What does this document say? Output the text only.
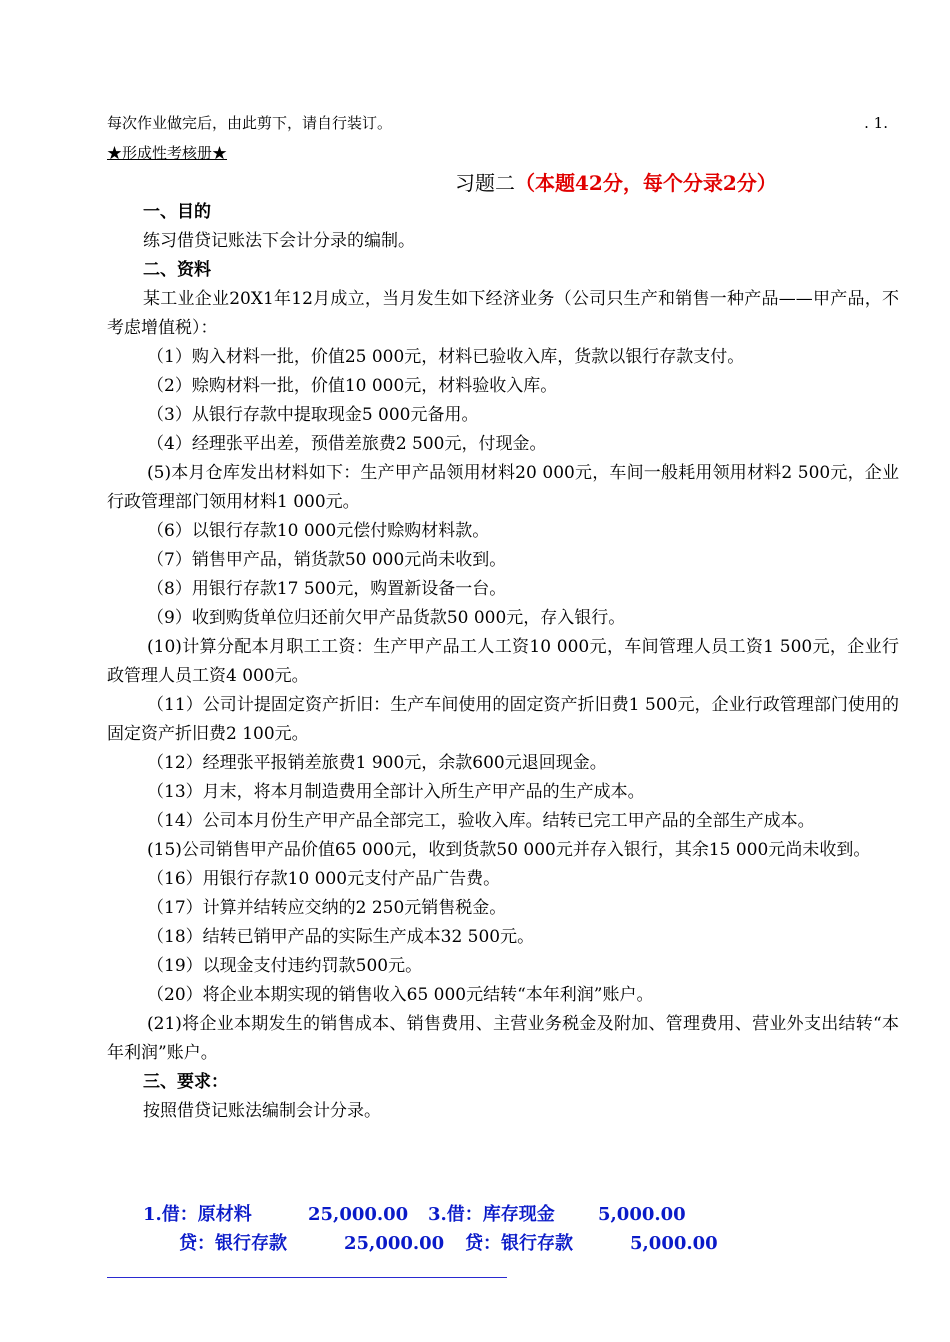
每次作业做完后，由此剪下，请自行装订。	. 1.
★形成性考核册★
习题二（本题42分，每个分录2分）

一、目的

练习借贷记账法下会计分录的编制。

二、资料

某工业企业20X1年12月成立，当月发生如下经济业务（公司只生产和销售一种产品——甲产品，不考虑增值税）：

（1）购入材料一批，价值25 000元，材料已验收入库，货款以银行存款支付。

（2）赊购材料一批，价值10 000元，材料验收入库。

（3）从银行存款中提取现金5 000元备用。

（4）经理张平出差，预借差旅费2 500元，付现金。

(5)本月仓库发出材料如下：生产甲产品领用材料20 000元，车间一般耗用领用材料2 500元，企业行政管理部门领用材料1 000元。

（6）以银行存款10 000元偿付赊购材料款。

（7）销售甲产品，销货款50 000元尚未收到。

（8）用银行存款17 500元，购置新设备一台。

（9）收到购货单位归还前欠甲产品货款50 000元，存入银行。

(10)计算分配本月职工工资：生产甲产品工人工资10 000元，车间管理人员工资1 500元，企业行政管理人员工资4 000元。

（11）公司计提固定资产折旧：生产车间使用的固定资产折旧费1 500元，企业行政管理部门使用的固定资产折旧费2 100元。

（12）经理张平报销差旅费1 900元，余款600元退回现金。

（13）月末，将本月制造费用全部计入所生产甲产品的生产成本。

（14）公司本月份生产甲产品全部完工，验收入库。结转已完工甲产品的全部生产成本。

(15)公司销售甲产品价值65 000元，收到货款50 000元并存入银行，其余15 000元尚未收到。

（16）用银行存款10 000元支付产品广告费。

（17）计算并结转应交纳的2 250元销售税金。

（18）结转已销甲产品的实际生产成本32 500元。

（19）以现金支付违约罚款500元。

（20）将企业本期实现的销售收入65 000元结转“本年利润”账户。

(21)将企业本期发生的销售成本、销售费用、主营业务税金及附加、管理费用、营业外支出结转“本年利润”账户。

三、要求：

按照借贷记账法编制会计分录。

1.借：原材料	25,000.00 3.借：库存现金 5,000.00
贷：银行存款	25,000.00 贷：银行存款	5,000.00
